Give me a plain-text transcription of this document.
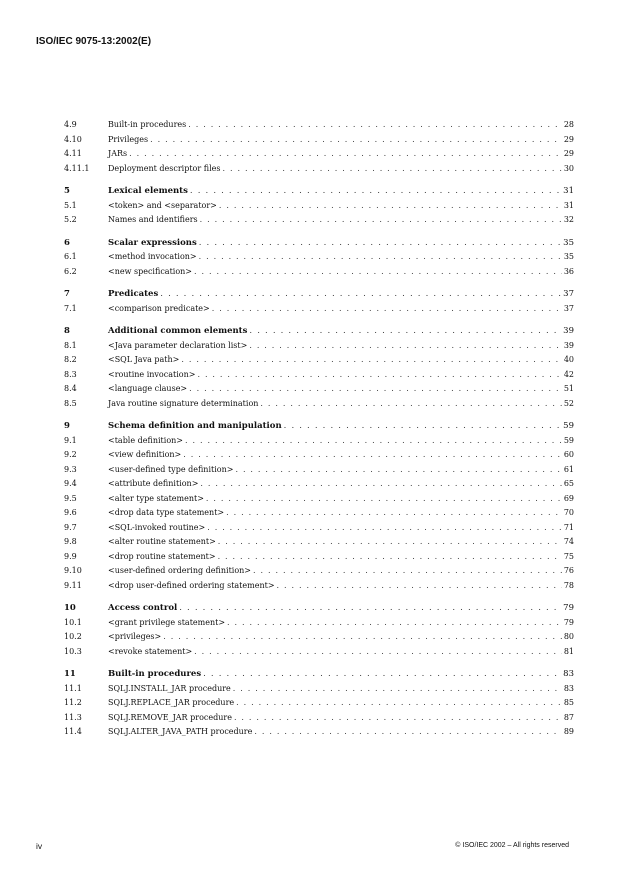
ISO/IEC 9075-13:2002(E)
4.9	Built-in procedures . . .	28
4.10	Privileges . . .	29
4.11	JARs . . .	29
4.11.1	Deployment descriptor files . . .	30
5	Lexical elements . . .	31
5.1	<token> and <separator> . . .	31
5.2	Names and identifiers . . .	32
6	Scalar expressions . . .	35
6.1	<method invocation> . . .	35
6.2	<new specification> . . .	36
7	Predicates . . .	37
7.1	<comparison predicate> . . .	37
8	Additional common elements . . .	39
8.1	<Java parameter declaration list> . . .	39
8.2	<SQL Java path> . . .	40
8.3	<routine invocation> . . .	42
8.4	<language clause> . . .	51
8.5	Java routine signature determination . . .	52
9	Schema definition and manipulation . . .	59
9.1	<table definition> . . .	59
9.2	<view definition> . . .	60
9.3	<user-defined type definition> . . .	61
9.4	<attribute definition> . . .	65
9.5	<alter type statement> . . .	69
9.6	<drop data type statement> . . .	70
9.7	<SQL-invoked routine> . . .	71
9.8	<alter routine statement> . . .	74
9.9	<drop routine statement> . . .	75
9.10	<user-defined ordering definition> . . .	76
9.11	<drop user-defined ordering statement> . . .	78
10	Access control . . .	79
10.1	<grant privilege statement> . . .	79
10.2	<privileges> . . .	80
10.3	<revoke statement> . . .	81
11	Built-in procedures . . .	83
11.1	SQLJ.INSTALL_JAR procedure . . .	83
11.2	SQLJ.REPLACE_JAR procedure . . .	85
11.3	SQLJ.REMOVE_JAR procedure . . .	87
11.4	SQLJ.ALTER_JAVA_PATH procedure . . .	89
iv	© ISO/IEC 2002 – All rights reserved
